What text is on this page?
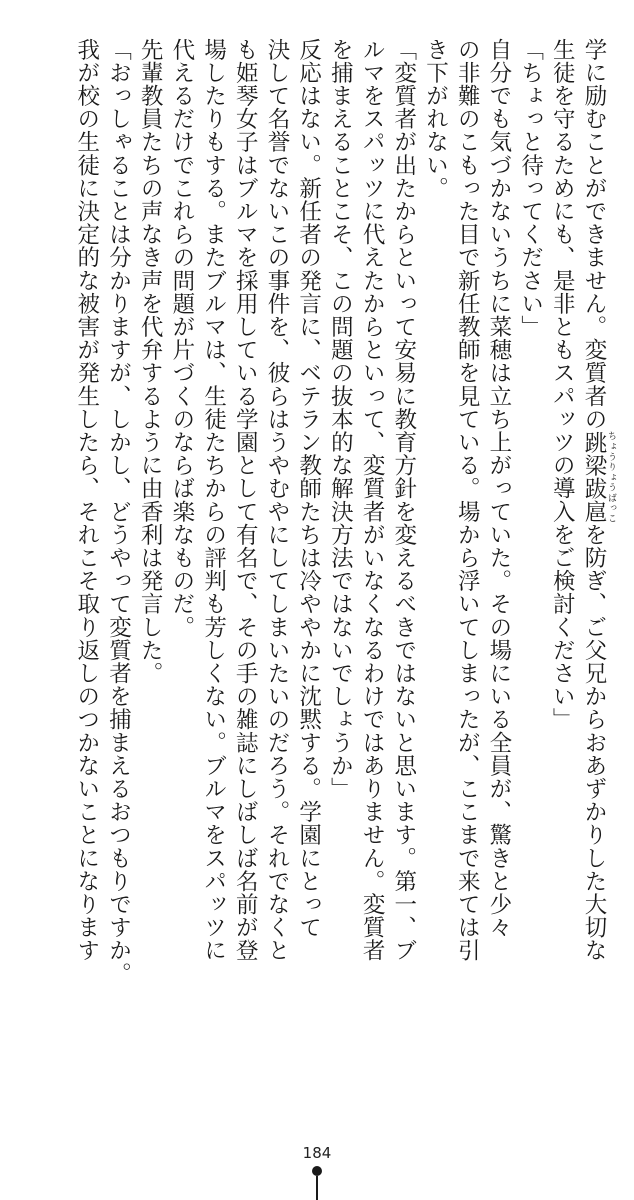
学に励むことができません。変質者の跳梁跋扈 ちょうりょうばっこを防ぎ、ご父兄からおあずかりした大切な
生徒を守るためにも、是非ともスパッツの導入をご検討ください」
「ちょっと待ってください」
自分でも気づかないうちに菜穂は立ち上がっていた。その場にいる全員が、驚きと少々
の非難のこもった目で新任教師を見ている。場から浮いてしまったが、ここまで来ては引
き下がれない。
「変質者が出たからといって安易に教育方針を変えるべきではないと思います。第一、ブ
ルマをスパッツに代えたからといって、変質者がいなくなるわけではありません。変質者
を捕まえることこそ、この問題の抜本的な解決方法ではないでしょうか」
反応はない。新任者の発言に、ベテラン教師たちは冷ややかに沈黙する。学園にとって
決して名誉でないこの事件を、彼らはうやむやにしてしまいたいのだろう。それでなくと
も姫琴女子はブルマを採用している学園として有名で、その手の雑誌にしばしば名前が登
場したりもする。またブルマは、生徒たちからの評判も芳しくない。ブルマをスパッツに
代えるだけでこれらの問題が片づくのならば楽なものだ。
先輩教員たちの声なき声を代弁するように由香利は発言した。
「おっしゃることは分かりますが、しかし、どうやって変質者を捕まえるおつもりですか。
我が校の生徒に決定的な被害が発生したら、それこそ取り返しのつかないことになります
184
